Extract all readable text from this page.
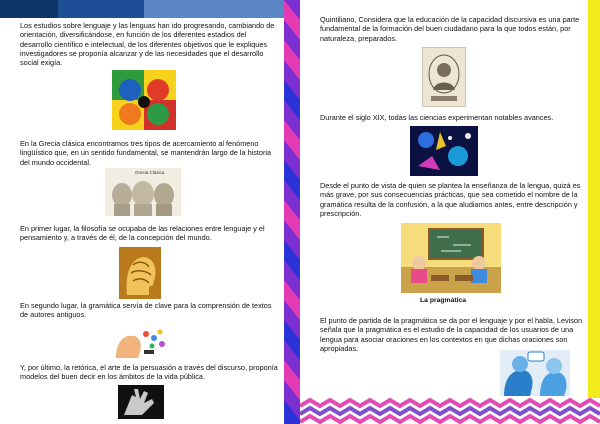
Los estudios sobre lenguaje y las lenguas han ido progresando, cambiando de orientación, diversificándose, en función de los diferentes estadios del desarrollo científico e intelectual, de los diferentes objetivos que le expliques investigadores se proponía alcanzar y de las necesidades que el desarrollo social exigía.

En la Grecia clásica encontramos tres tipos de acercamiento al fenómeno lingüístico que, en un sentido fundamental, se mantendrán largo de la historia del mundo occidental.

Grecia Clásica

En primer lugar, la filosofía se ocupaba de las relaciones entre lenguaje y el pensamiento y, a través de él, de la concepción del mundo.

En segundo lugar, la gramática servía de clave para la comprensión de textos de autores antiguos.

Y, por último, la retórica, el arte de la persuasión a través del discurso, proponía modelos del buen decir en los ámbitos de la vida pública.

Quintiliano, Considera que la educación de la capacidad discursiva es una parte fundamental de la formación del buen ciudadano para la que todos están, por naturaleza, preparados.

Durante el siglo XIX, todas las ciencias experimentan notables avances.

Desde el punto de vista de quien se plantea la enseñanza de la lengua, quizá es más grave, por sus consecuencias prácticas, que sea cometido el nombre de la gramática resulta de la confusión, a la que aludiamos antes, entre descripción y prescripción.

La pragmática

El punto de partida de la pragmática se da por el lenguaje y por el habla, Levison señala que la pragmática es el estudio de la capacidad de los usuarios de una lengua para asociar oraciones en los contextos en que dichas oraciones son apropiadas.
